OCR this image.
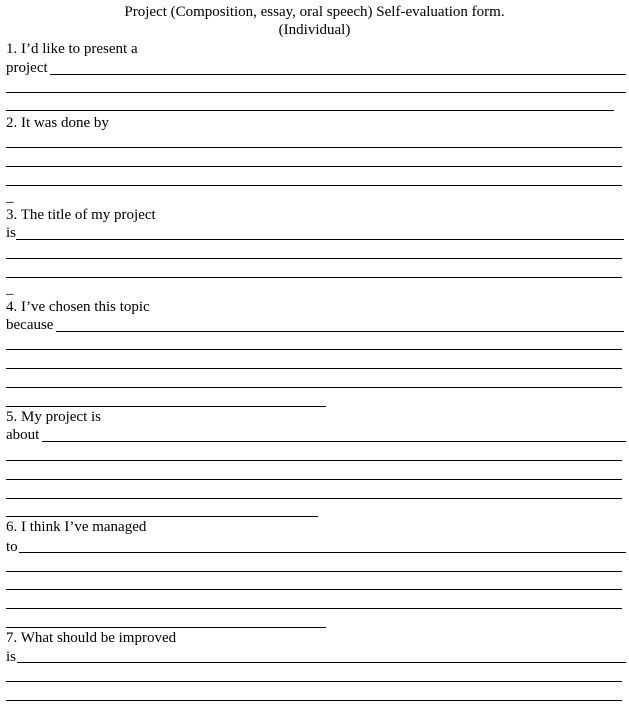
Project (Composition, essay, oral speech) Self-evaluation form.
(Individual)
1. I’d like to present a
project
2. It was done by
_
3. The title of my project
is
_
4. I’ve chosen this topic
because
5. My project is
about
6. I think I’ve managed
to
7. What should be improved
is
